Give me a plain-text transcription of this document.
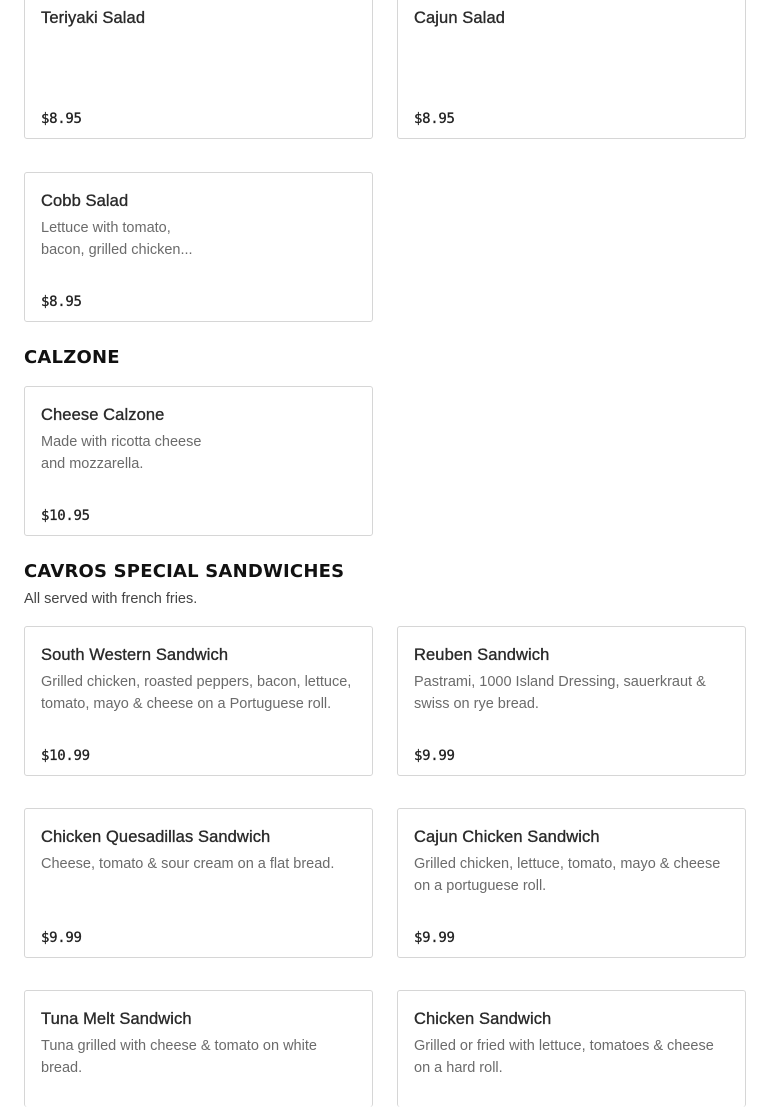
Teriyaki Salad

$8.95

Cajun Salad

$8.95

Cobb Salad

Lettuce with tomato, bacon, grilled chicken...

$8.95

CALZONE
Cheese Calzone

Made with ricotta cheese and mozzarella.

$10.95

CAVROS SPECIAL SANDWICHES

All served with french fries.

South Western Sandwich

Grilled chicken, roasted peppers, bacon, lettuce, tomato, mayo & cheese on a Portuguese roll.

$10.99

Reuben Sandwich

Pastrami, 1000 Island Dressing, sauerkraut & swiss on rye bread.

$9.99

Chicken Quesadillas Sandwich

Cheese, tomato & sour cream on a flat bread.

$9.99

Cajun Chicken Sandwich

Grilled chicken, lettuce, tomato, mayo & cheese on a portuguese roll.

$9.99

Tuna Melt Sandwich

Tuna grilled with cheese & tomato on white bread.

Chicken Sandwich

Grilled or fried with lettuce, tomatoes & cheese on a hard roll.
